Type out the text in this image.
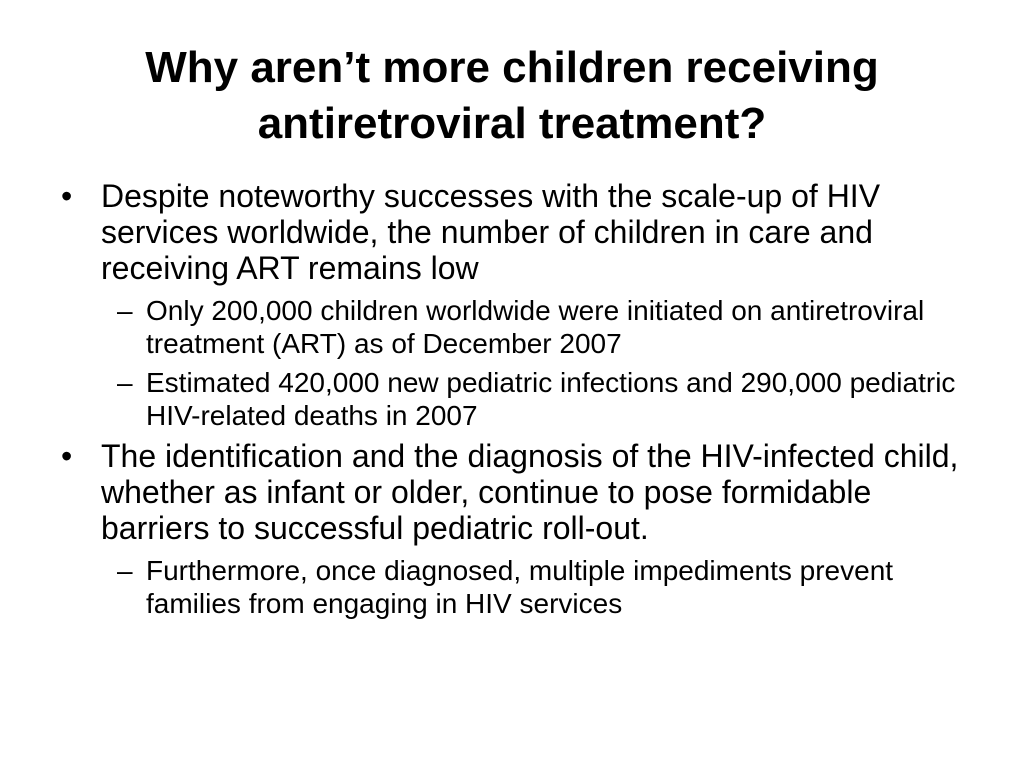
Why aren’t more children receiving antiretroviral treatment?
• Despite noteworthy successes with the scale-up of HIV services worldwide, the number of children in care and receiving ART remains low
– Only 200,000 children worldwide were initiated on antiretroviral treatment (ART) as of December 2007
– Estimated 420,000 new pediatric infections and 290,000 pediatric HIV-related deaths in 2007
• The identification and the diagnosis of the HIV-infected child, whether as infant or older, continue to pose formidable barriers to successful pediatric roll-out.
– Furthermore, once diagnosed, multiple impediments prevent families from engaging in HIV services
